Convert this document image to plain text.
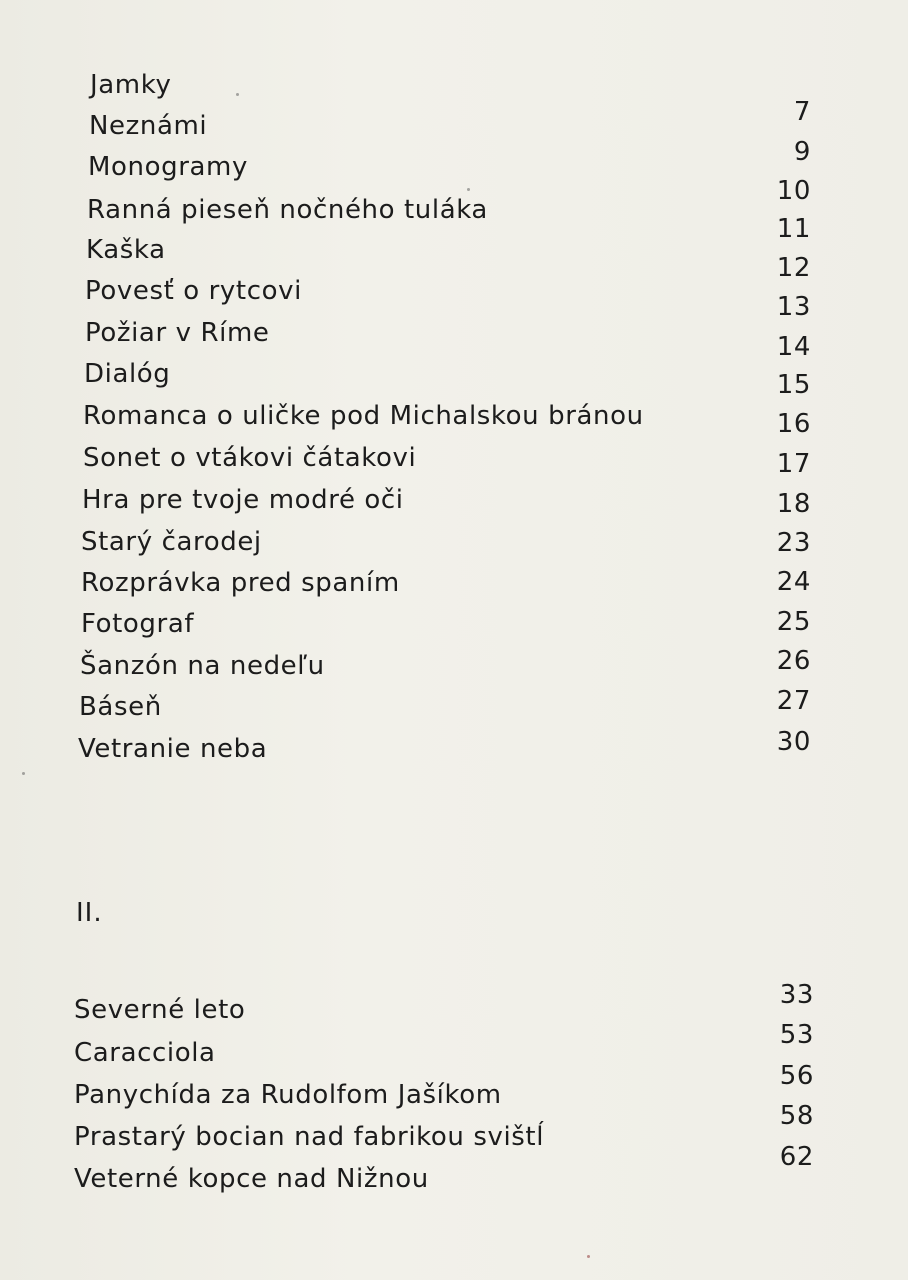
Jamky
Neznámi
Monogramy
Ranná pieseň nočného tuláka
Kaška
Povesť o rytcovi
Požiar v Ríme
Dialóg
Romanca o uličke pod Michalskou bránou
Sonet o vtákovi čátakovi
Hra pre tvoje modré oči
Starý čarodej
Rozprávka pred spaním
Fotograf
Šanzón na nedeľu
Báseň
Vetranie neba
7
9
10
11
12
13
14
15
16
17
18
23
24
25
26
27
30
II.
Severné leto
Caracciola
Panychída za Rudolfom Jašíkom
Prastarý bocian nad fabrikou svištĺ
Veterné kopce nad Nižnou
33
53
56
58
62
